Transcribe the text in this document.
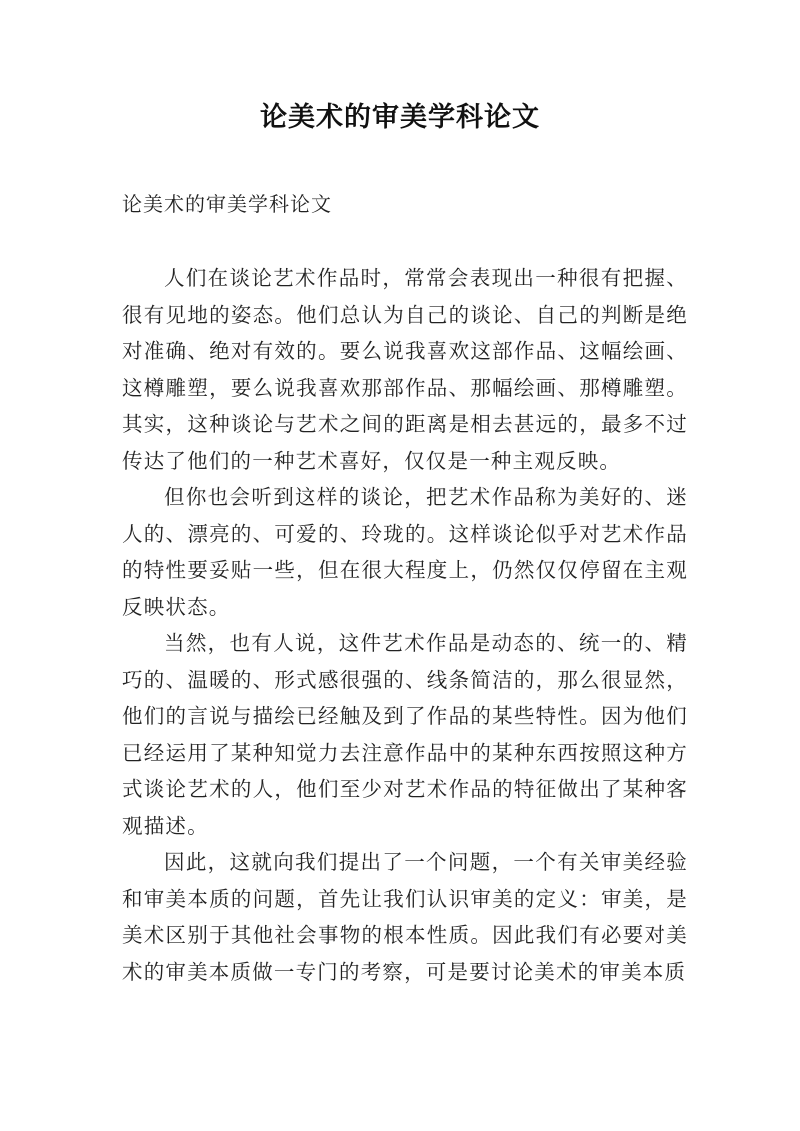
论美术的审美学科论文
论美术的审美学科论文

人们在谈论艺术作品时，常常会表现出一种很有把握、很有见地的姿态。他们总认为自己的谈论、自己的判断是绝对准确、绝对有效的。要么说我喜欢这部作品、这幅绘画、这樽雕塑，要么说我喜欢那部作品、那幅绘画、那樽雕塑。其实，这种谈论与艺术之间的距离是相去甚远的，最多不过传达了他们的一种艺术喜好，仅仅是一种主观反映。

但你也会听到这样的谈论，把艺术作品称为美好的、迷人的、漂亮的、可爱的、玲珑的。这样谈论似乎对艺术作品的特性要妥贴一些，但在很大程度上，仍然仅仅停留在主观反映状态。

当然，也有人说，这件艺术作品是动态的、统一的、精巧的、温暖的、形式感很强的、线条简洁的，那么很显然，他们的言说与描绘已经触及到了作品的某些特性。因为他们已经运用了某种知觉力去注意作品中的某种东西按照这种方式谈论艺术的人，他们至少对艺术作品的特征做出了某种客观描述。

因此，这就向我们提出了一个问题，一个有关审美经验和审美本质的问题，首先让我们认识审美的定义：审美，是美术区别于其他社会事物的根本性质。因此我们有必要对美术的审美本质做一专门的考察，可是要讨论美术的审美本质
